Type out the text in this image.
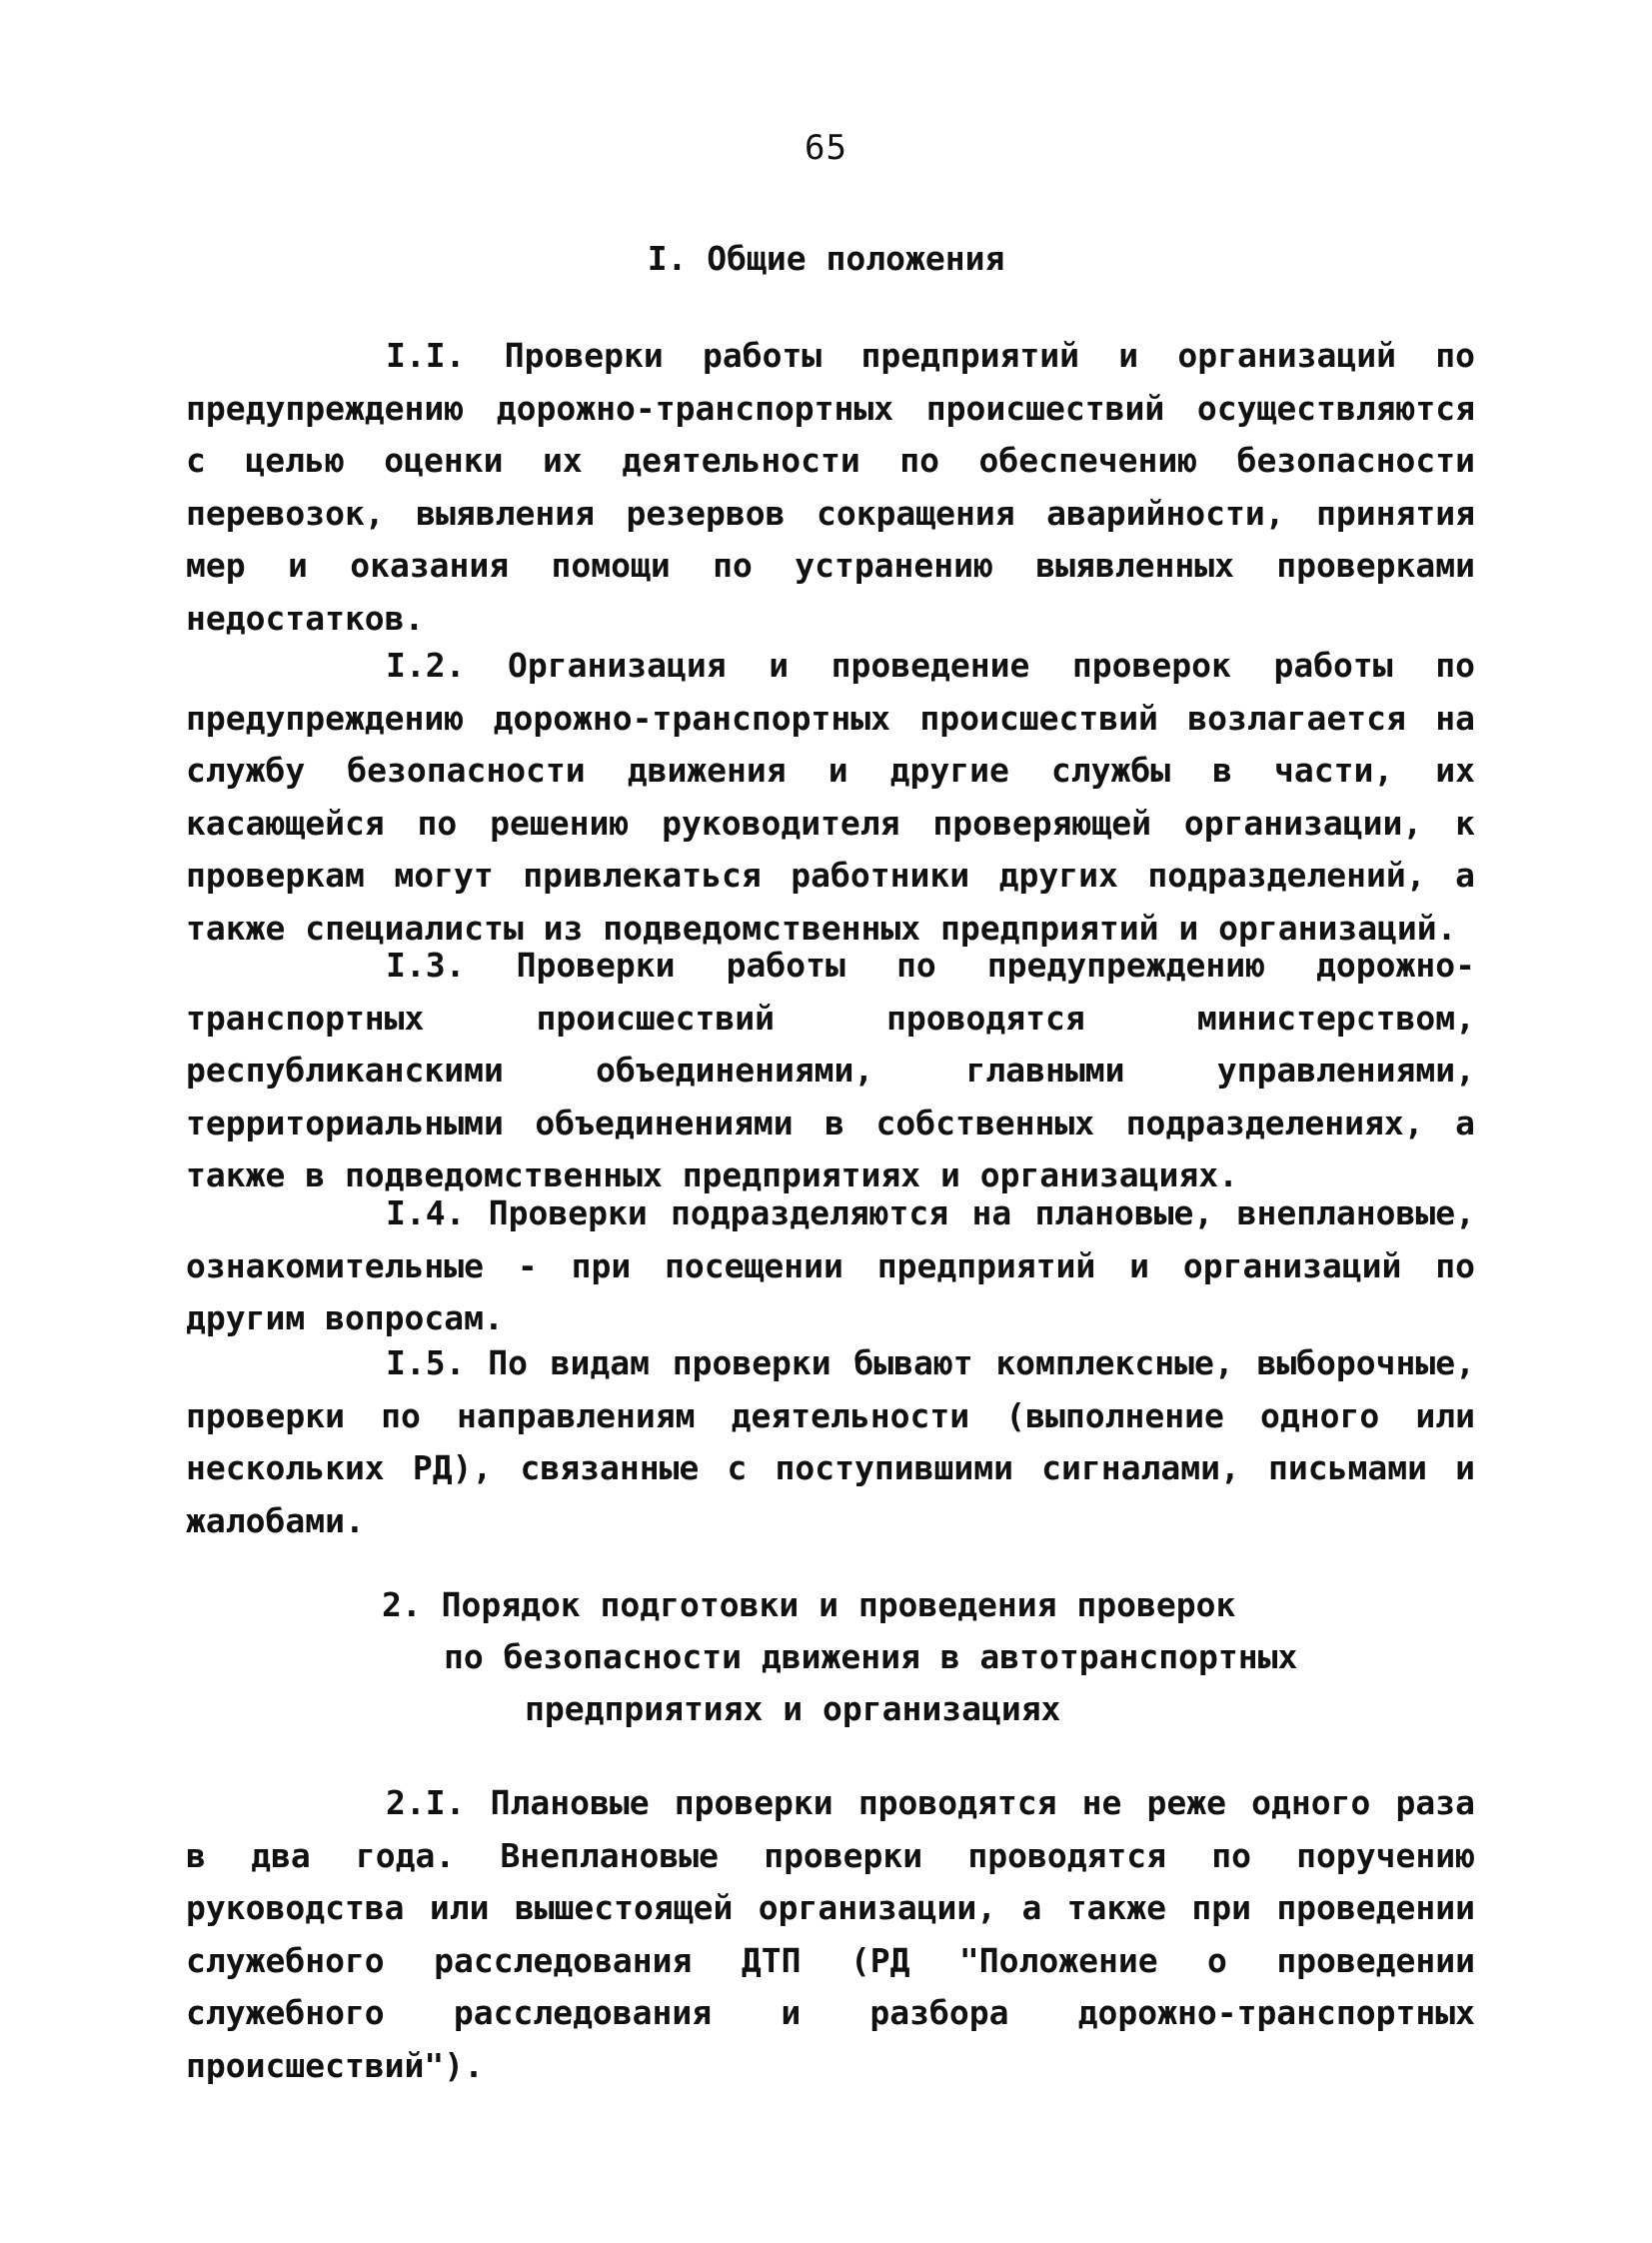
65
I. Общие положения

I.I. Проверки работы предприятий и организаций по предупреждению дорожно-транспортных происшествий осуществляются с целью оценки их деятельности по обеспечению безопасности перевозок, выявления резервов сокращения аварийности, принятия мер и оказания помощи по устранению выявленных проверками недостатков.

I.2. Организация и проведение проверок работы по предупреждению дорожно-транспортных происшествий возлагается на службу безопасности движения и другие службы в части, их касающейся по решению руководителя проверяющей организации, к проверкам могут привлекаться работники других подразделений, а также специалисты из подведомственных предприятий и организаций.

I.3. Проверки работы по предупреждению дорожно-транспортных происшествий проводятся министерством, республиканскими объединениями, главными управлениями, территориальными объединениями в собственных подразделениях, а также в подведомственных предприятиях и организациях.

I.4. Проверки подразделяются на плановые, внеплановые, ознакомительные - при посещении предприятий и организаций по другим вопросам.

I.5. По видам проверки бывают комплексные, выборочные, проверки по направлениям деятельности (выполнение одного или нескольких РД), связанные с поступившими сигналами, письмами и жалобами.

2. Порядок подготовки и проведения проверок
по безопасности движения в автотранспортных
предприятиях и организациях

2.I. Плановые проверки проводятся не реже одного раза в два года. Внеплановые проверки проводятся по поручению руководства или вышестоящей организации, а также при проведении служебного расследования ДТП (РД "Положение о проведении служебного расследования и разбора дорожно-транспортных происшествий").
